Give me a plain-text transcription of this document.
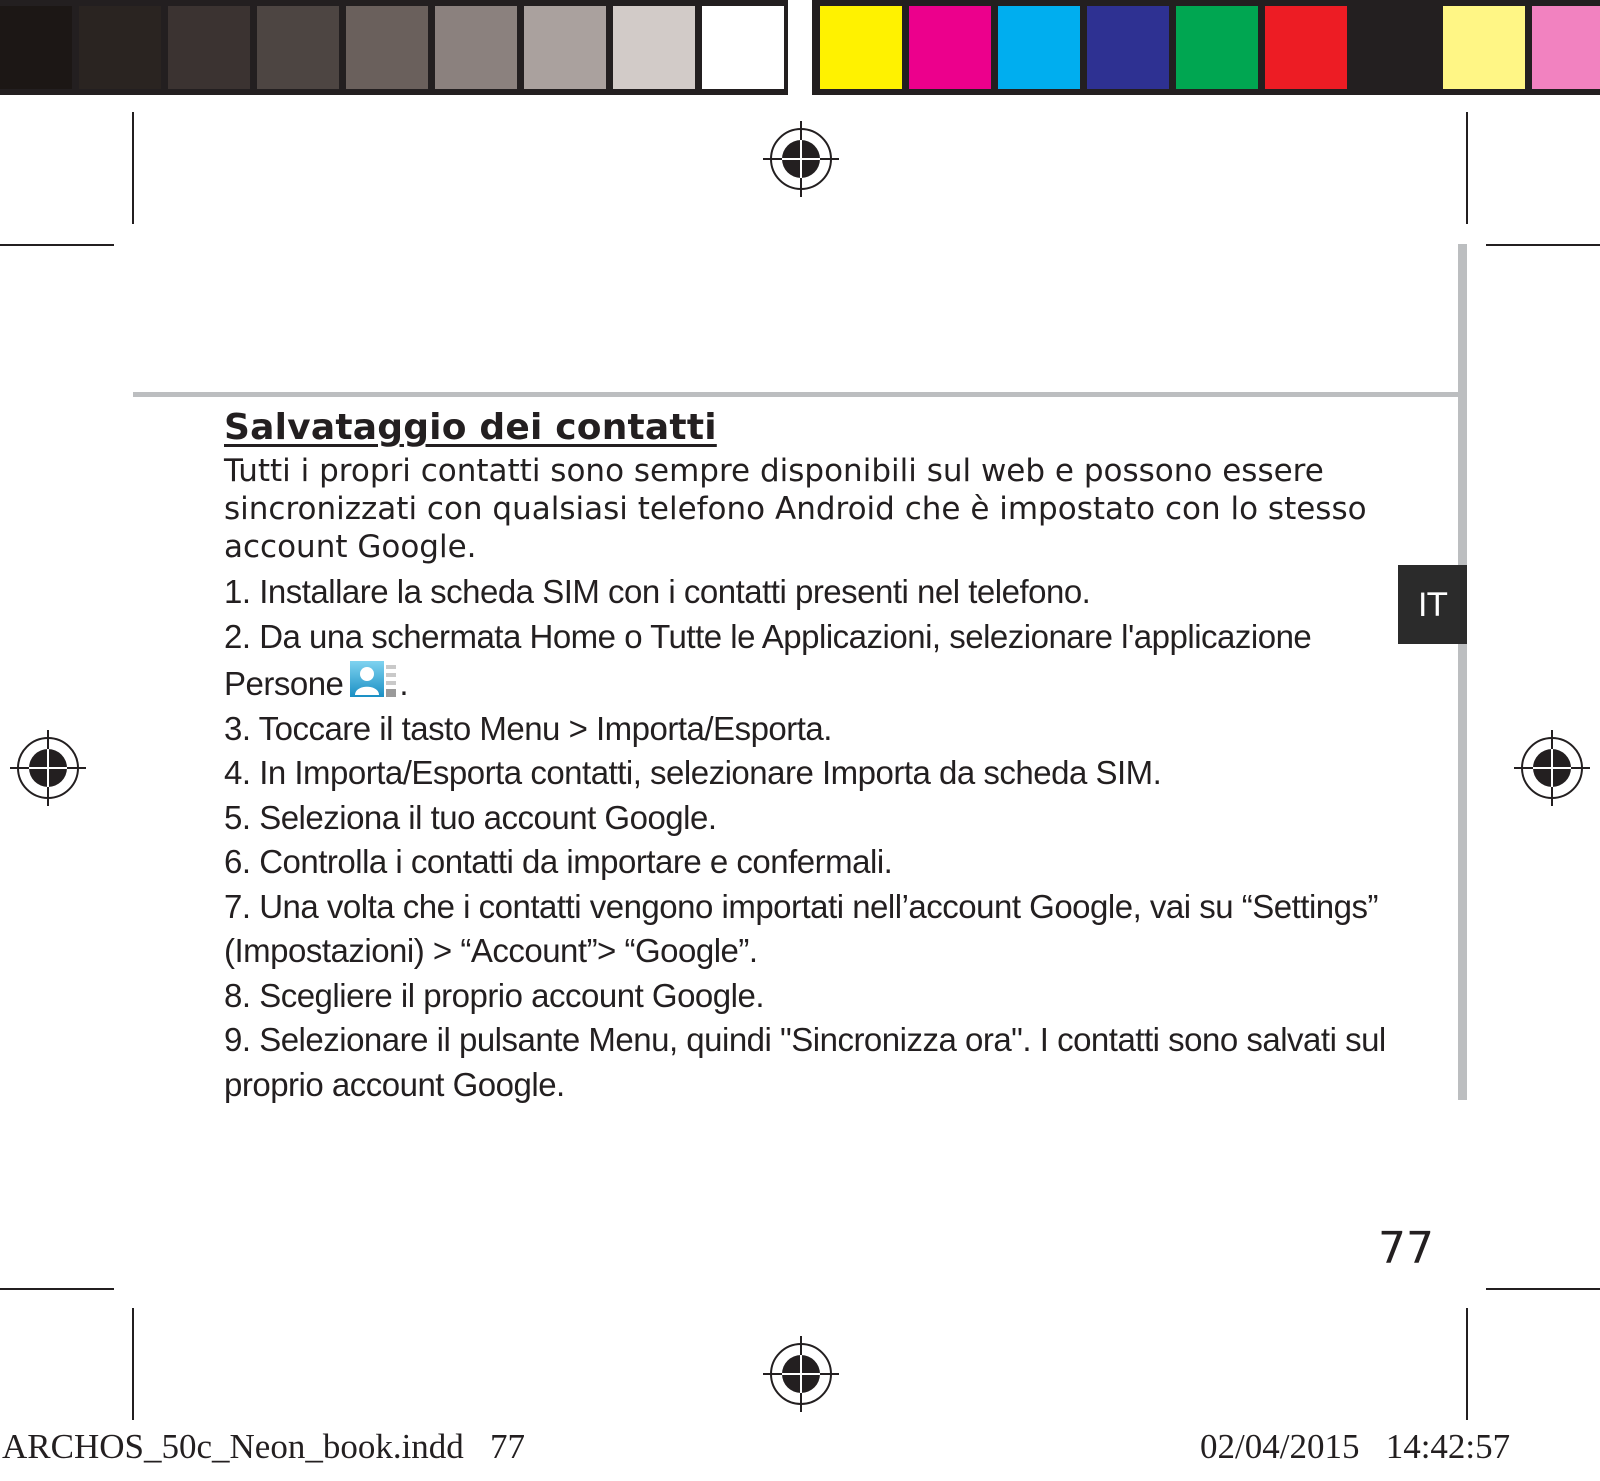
IT
Salvataggio dei contatti

Tutti i propri contatti sono sempre disponibili sul web e possono essere sincronizzati con qualsiasi telefono Android che è impostato con lo stesso account Google.

1. Installare la scheda SIM con i contatti presenti nel telefono.
2. Da una schermata Home o Tutte le Applicazioni, selezionare l'applicazione Persone .
3. Toccare il tasto Menu > Importa/Esporta.
4. In Importa/Esporta contatti, selezionare Importa da scheda SIM.
5. Seleziona il tuo account Google.
6. Controlla i contatti da importare e confermali.
7. Una volta che i contatti vengono importati nell’account Google, vai su “Settings” (Impostazioni) > “Account”> “Google”.
8. Scegliere il proprio account Google.
9. Selezionare il pulsante Menu, quindi "Sincronizza ora". I contatti sono salvati sul proprio account Google.
77
ARCHOS_50c_Neon_book.indd   77	02/04/2015   14:42:57
